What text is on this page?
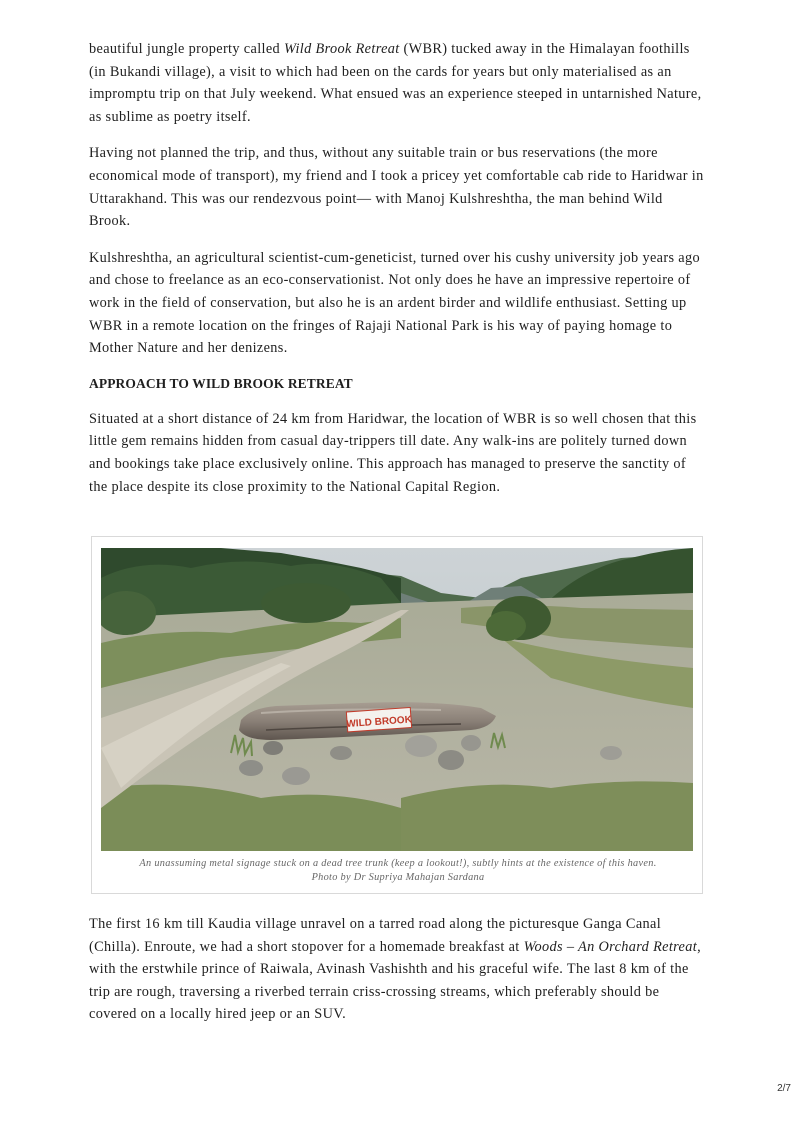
beautiful jungle property called Wild Brook Retreat (WBR) tucked away in the Himalayan foothills (in Bukandi village), a visit to which had been on the cards for years but only materialised as an impromptu trip on that July weekend. What ensued was an experience steeped in untarnished Nature, as sublime as poetry itself.

Having not planned the trip, and thus, without any suitable train or bus reservations (the more economical mode of transport), my friend and I took a pricey yet comfortable cab ride to Haridwar in Uttarakhand. This was our rendezvous point— with Manoj Kulshreshtha, the man behind Wild Brook.

Kulshreshtha, an agricultural scientist-cum-geneticist, turned over his cushy university job years ago and chose to freelance as an eco-conservationist. Not only does he have an impressive repertoire of work in the field of conservation, but also he is an ardent birder and wildlife enthusiast. Setting up WBR in a remote location on the fringes of Rajaji National Park is his way of paying homage to Mother Nature and her denizens.

APPROACH TO WILD BROOK RETREAT

Situated at a short distance of 24 km from Haridwar, the location of WBR is so well chosen that this little gem remains hidden from casual day-trippers till date. Any walk-ins are politely turned down and bookings take place exclusively online. This approach has managed to preserve the sanctity of the place despite its close proximity to the National Capital Region.

WILD BROOK
An unassuming metal signage stuck on a dead tree trunk (keep a lookout!), subtly hints at the existence of this haven.
Photo by Dr Supriya Mahajan Sardana

The first 16 km till Kaudia village unravel on a tarred road along the picturesque Ganga Canal (Chilla). Enroute, we had a short stopover for a homemade breakfast at Woods – An Orchard Retreat, with the erstwhile prince of Raiwala, Avinash Vashishth and his graceful wife. The last 8 km of the trip are rough, traversing a riverbed terrain criss-crossing streams, which preferably should be covered on a locally hired jeep or an SUV.

2/7
